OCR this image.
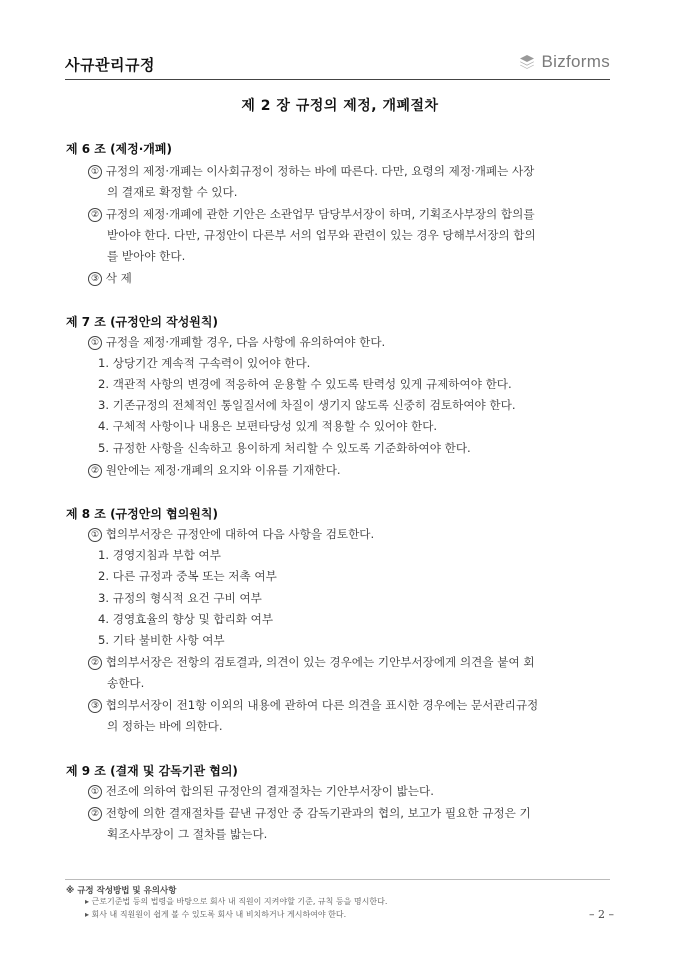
사규관리규정	Bizforms
제 2 장 규정의 제정, 개폐절차
제 6 조 (제정·개폐)
① 규정의 제정·개폐는 이사회규정이 정하는 바에 따른다. 다만, 요령의 제정·개폐는 사장
의 결재로 확정할 수 있다.
② 규정의 제정·개폐에 관한 기안은 소관업무 담당부서장이 하며, 기획조사부장의 합의를
받아야 한다. 다만, 규정안이 다른부 서의 업무와 관련이 있는 경우 당해부서장의 합의
를 받아야 한다.
③ 삭 제
제 7 조 (규정안의 작성원칙)
① 규정을 제정·개폐할 경우, 다음 사항에 유의하여야 한다.
1. 상당기간 계속적 구속력이 있어야 한다.
2. 객관적 사항의 변경에 적응하여 운용할 수 있도록 탄력성 있게 규제하여야 한다.
3. 기존규정의 전체적인 통일질서에 차질이 생기지 않도록 신중히 검토하여야 한다.
4. 구체적 사항이나 내용은 보편타당성 있게 적용할 수 있어야 한다.
5. 규정한 사항을 신속하고 용이하게 처리할 수 있도록 기준화하여야 한다.
② 원안에는 제정·개폐의 요지와 이유를 기재한다.
제 8 조 (규정안의 협의원칙)
① 협의부서장은 규정안에 대하여 다음 사항을 검토한다.
1. 경영지침과 부합 여부
2. 다른 규정과 중복 또는 저촉 여부
3. 규정의 형식적 요건 구비 여부
4. 경영효율의 향상 및 합리화 여부
5. 기타 불비한 사항 여부
② 협의부서장은 전항의 검토결과, 의견이 있는 경우에는 기안부서장에게 의견을 붙여 회
송한다.
③ 협의부서장이 전1항 이외의 내용에 관하여 다른 의견을 표시한 경우에는 문서관리규정
의 정하는 바에 의한다.
제 9 조 (결재 및 감독기관 협의)
① 전조에 의하여 합의된 규정안의 결재절차는 기안부서장이 밟는다.
② 전항에 의한 결재절차를 끝낸 규정안 중 감독기관과의 협의, 보고가 필요한 규정은 기
획조사부장이 그 절차를 밟는다.
※ 규정 작성방법 및 유의사항
▸ 근로기준법 등의 법령을 바탕으로 회사 내 직원이 지켜야할 기준, 규칙 등을 명시한다.
▸ 회사 내 직원원이 쉽게 볼 수 있도록 회사 내 비치하거나 게시하여야 한다.	– 2 –
